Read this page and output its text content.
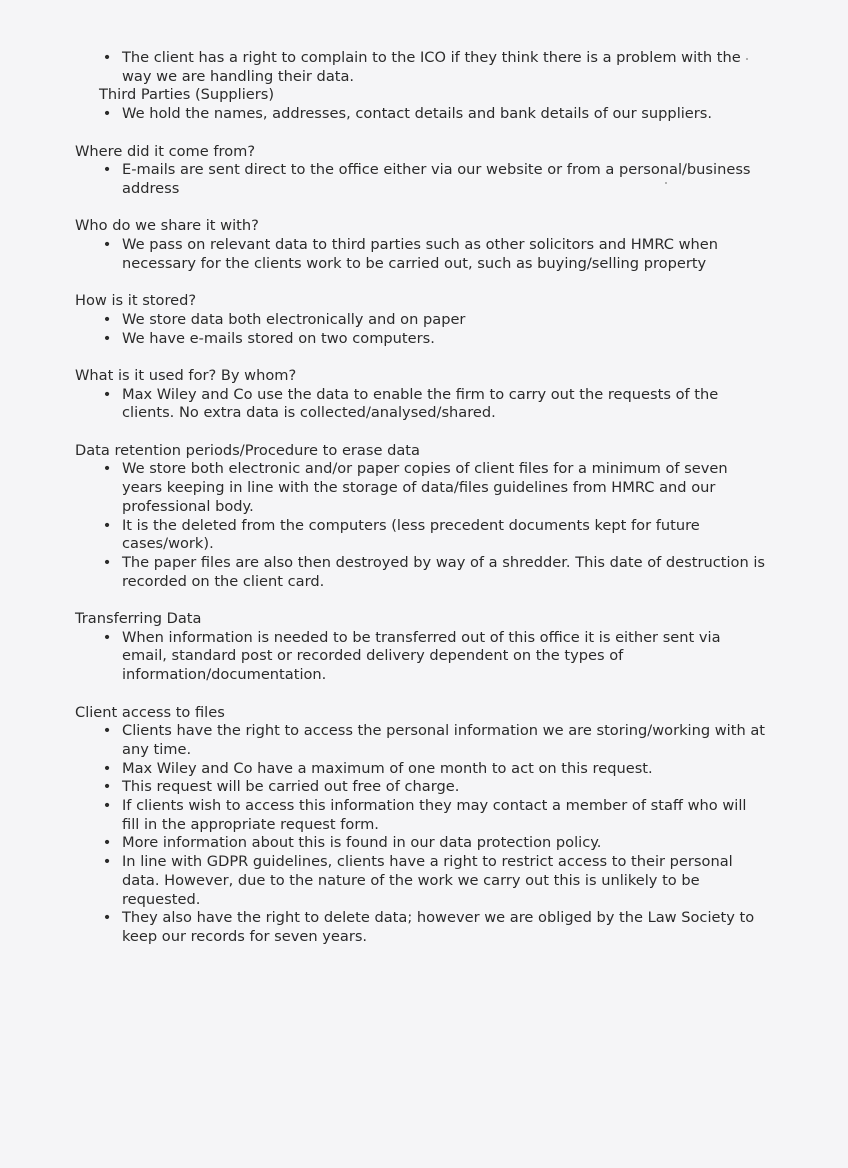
• The client has a right to complain to the ICO if they think there is a problem with the way we are handling their data.
Third Parties (Suppliers)
• We hold the names, addresses, contact details and bank details of our suppliers.
Where did it come from?
• E-mails are sent direct to the office either via our website or from a personal/business address
Who do we share it with?
• We pass on relevant data to third parties such as other solicitors and HMRC when necessary for the clients work to be carried out, such as buying/selling property
How is it stored?
• We store data both electronically and on paper
• We have e-mails stored on two computers.
What is it used for? By whom?
• Max Wiley and Co use the data to enable the firm to carry out the requests of the clients. No extra data is collected/analysed/shared.
Data retention periods/Procedure to erase data
• We store both electronic and/or paper copies of client files for a minimum of seven years keeping in line with the storage of data/files guidelines from HMRC and our professional body.
• It is the deleted from the computers (less precedent documents kept for future cases/work).
• The paper files are also then destroyed by way of a shredder. This date of destruction is recorded on the client card.
Transferring Data
• When information is needed to be transferred out of this office it is either sent via email, standard post or recorded delivery dependent on the types of information/documentation.
Client access to files
• Clients have the right to access the personal information we are storing/working with at any time.
• Max Wiley and Co have a maximum of one month to act on this request.
• This request will be carried out free of charge.
• If clients wish to access this information they may contact a member of staff who will fill in the appropriate request form.
• More information about this is found in our data protection policy.
• In line with GDPR guidelines, clients have a right to restrict access to their personal data. However, due to the nature of the work we carry out this is unlikely to be requested.
• They also have the right to delete data; however we are obliged by the Law Society to keep our records for seven years.
